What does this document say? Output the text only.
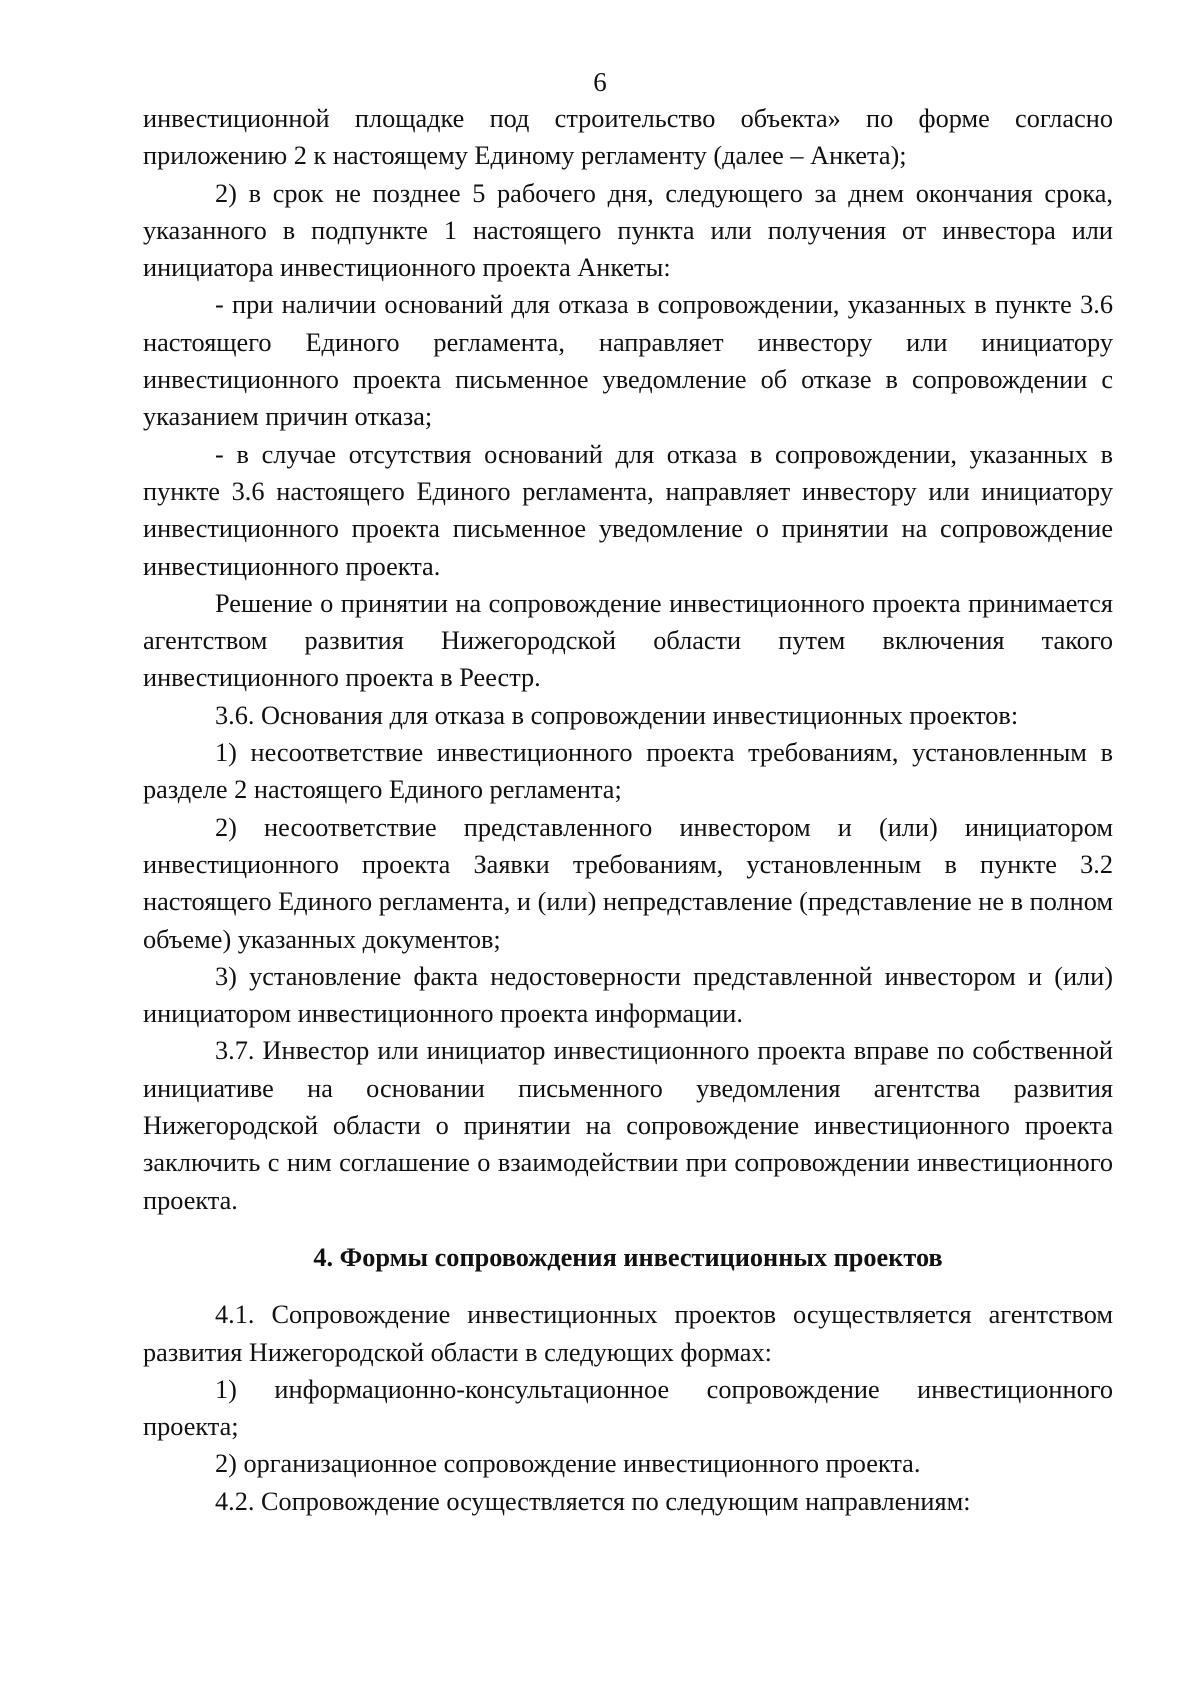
6

инвестиционной площадке под строительство объекта» по форме согласно приложению 2 к настоящему Единому регламенту (далее – Анкета);

2) в срок не позднее 5 рабочего дня, следующего за днем окончания срока, указанного в подпункте 1 настоящего пункта или получения от инвестора или инициатора инвестиционного проекта Анкеты:

- при наличии оснований для отказа в сопровождении, указанных в пункте 3.6 настоящего Единого регламента, направляет инвестору или инициатору инвестиционного проекта письменное уведомление об отказе в сопровождении с указанием причин отказа;

- в случае отсутствия оснований для отказа в сопровождении, указанных в пункте 3.6 настоящего Единого регламента, направляет инвестору или инициатору инвестиционного проекта письменное уведомление о принятии на сопровождение инвестиционного проекта.

Решение о принятии на сопровождение инвестиционного проекта принимается агентством развития Нижегородской области путем включения такого инвестиционного проекта в Реестр.

3.6. Основания для отказа в сопровождении инвестиционных проектов:

1) несоответствие инвестиционного проекта требованиям, установленным в разделе 2 настоящего Единого регламента;

2) несоответствие представленного инвестором и (или) инициатором инвестиционного проекта Заявки требованиям, установленным в пункте 3.2 настоящего Единого регламента, и (или) непредставление (представление не в полном объеме) указанных документов;

3) установление факта недостоверности представленной инвестором и (или) инициатором инвестиционного проекта информации.

3.7. Инвестор или инициатор инвестиционного проекта вправе по собственной инициативе на основании письменного уведомления агентства развития Нижегородской области о принятии на сопровождение инвестиционного проекта заключить с ним соглашение о взаимодействии при сопровождении инвестиционного проекта.

4. Формы сопровождения инвестиционных проектов

4.1. Сопровождение инвестиционных проектов осуществляется агентством развития Нижегородской области в следующих формах:

1) информационно-консультационное сопровождение инвестиционного проекта;

2) организационное сопровождение инвестиционного проекта.

4.2. Сопровождение осуществляется по следующим направлениям:
